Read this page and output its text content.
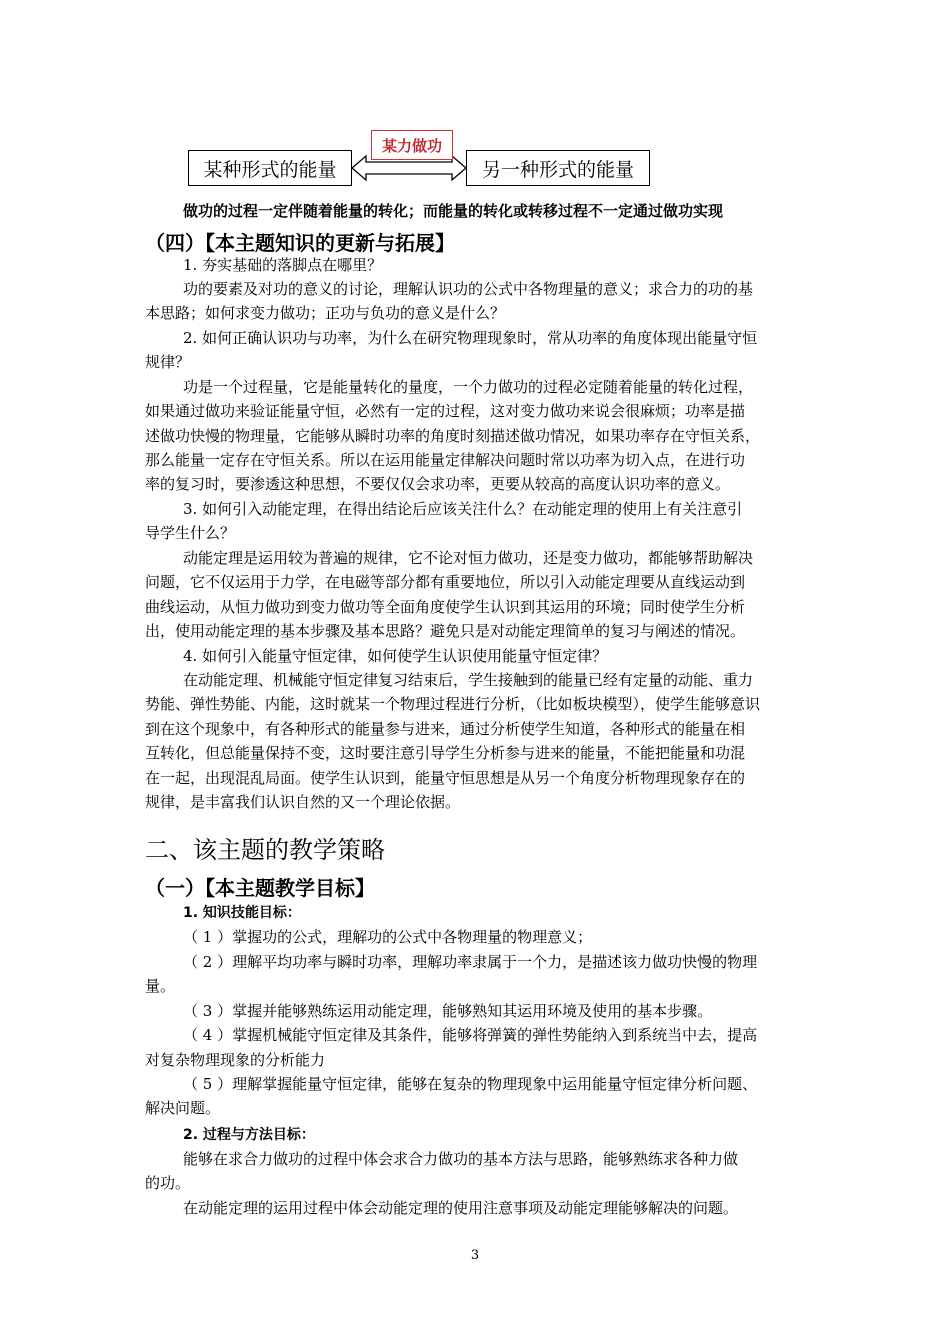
某种形式的能量
某力做功
另一种形式的能量
做功的过程一定伴随着能量的转化；而能量的转化或转移过程不一定通过做功实现
（四）【本主题知识的更新与拓展】
1. 夯实基础的落脚点在哪里？
功的要素及对功的意义的讨论，理解认识功的公式中各物理量的意义；求合力的功的基
本思路；如何求变力做功；正功与负功的意义是什么？
2. 如何正确认识功与功率，为什么在研究物理现象时，常从功率的角度体现出能量守恒
规律？
功是一个过程量，它是能量转化的量度，一个力做功的过程必定随着能量的转化过程，
如果通过做功来验证能量守恒，必然有一定的过程，这对变力做功来说会很麻烦；功率是描
述做功快慢的物理量，它能够从瞬时功率的角度时刻描述做功情况，如果功率存在守恒关系，
那么能量一定存在守恒关系。所以在运用能量定律解决问题时常以功率为切入点，在进行功
率的复习时，要渗透这种思想，不要仅仅会求功率，更要从较高的高度认识功率的意义。
3. 如何引入动能定理，在得出结论后应该关注什么？在动能定理的使用上有关注意引
导学生什么？
动能定理是运用较为普遍的规律，它不论对恒力做功，还是变力做功，都能够帮助解决
问题，它不仅运用于力学，在电磁等部分都有重要地位，所以引入动能定理要从直线运动到
曲线运动，从恒力做功到变力做功等全面角度使学生认识到其运用的环境；同时使学生分析
出，使用动能定理的基本步骤及基本思路？避免只是对动能定理简单的复习与阐述的情况。
4. 如何引入能量守恒定律，如何使学生认识使用能量守恒定律？
在动能定理、机械能守恒定律复习结束后，学生接触到的能量已经有定量的动能、重力
势能、弹性势能、内能，这时就某一个物理过程进行分析，（比如板块模型），使学生能够意识
到在这个现象中，有各种形式的能量参与进来，通过分析使学生知道，各种形式的能量在相
互转化，但总能量保持不变，这时要注意引导学生分析参与进来的能量，不能把能量和功混
在一起，出现混乱局面。使学生认识到，能量守恒思想是从另一个角度分析物理现象存在的
规律，是丰富我们认识自然的又一个理论依据。
二、该主题的教学策略
（一）【本主题教学目标】
1. 知识技能目标：
（ 1 ）掌握功的公式，理解功的公式中各物理量的物理意义；
（ 2 ）理解平均功率与瞬时功率，理解功率隶属于一个力，是描述该力做功快慢的物理
量。
（ 3 ）掌握并能够熟练运用动能定理，能够熟知其运用环境及使用的基本步骤。
（ 4 ）掌握机械能守恒定律及其条件，能够将弹簧的弹性势能纳入到系统当中去，提高
对复杂物理现象的分析能力
（ 5 ）理解掌握能量守恒定律，能够在复杂的物理现象中运用能量守恒定律分析问题、
解决问题。
2. 过程与方法目标：
能够在求合力做功的过程中体会求合力做功的基本方法与思路，能够熟练求各种力做
的功。
在动能定理的运用过程中体会动能定理的使用注意事项及动能定理能够解决的问题。
3
